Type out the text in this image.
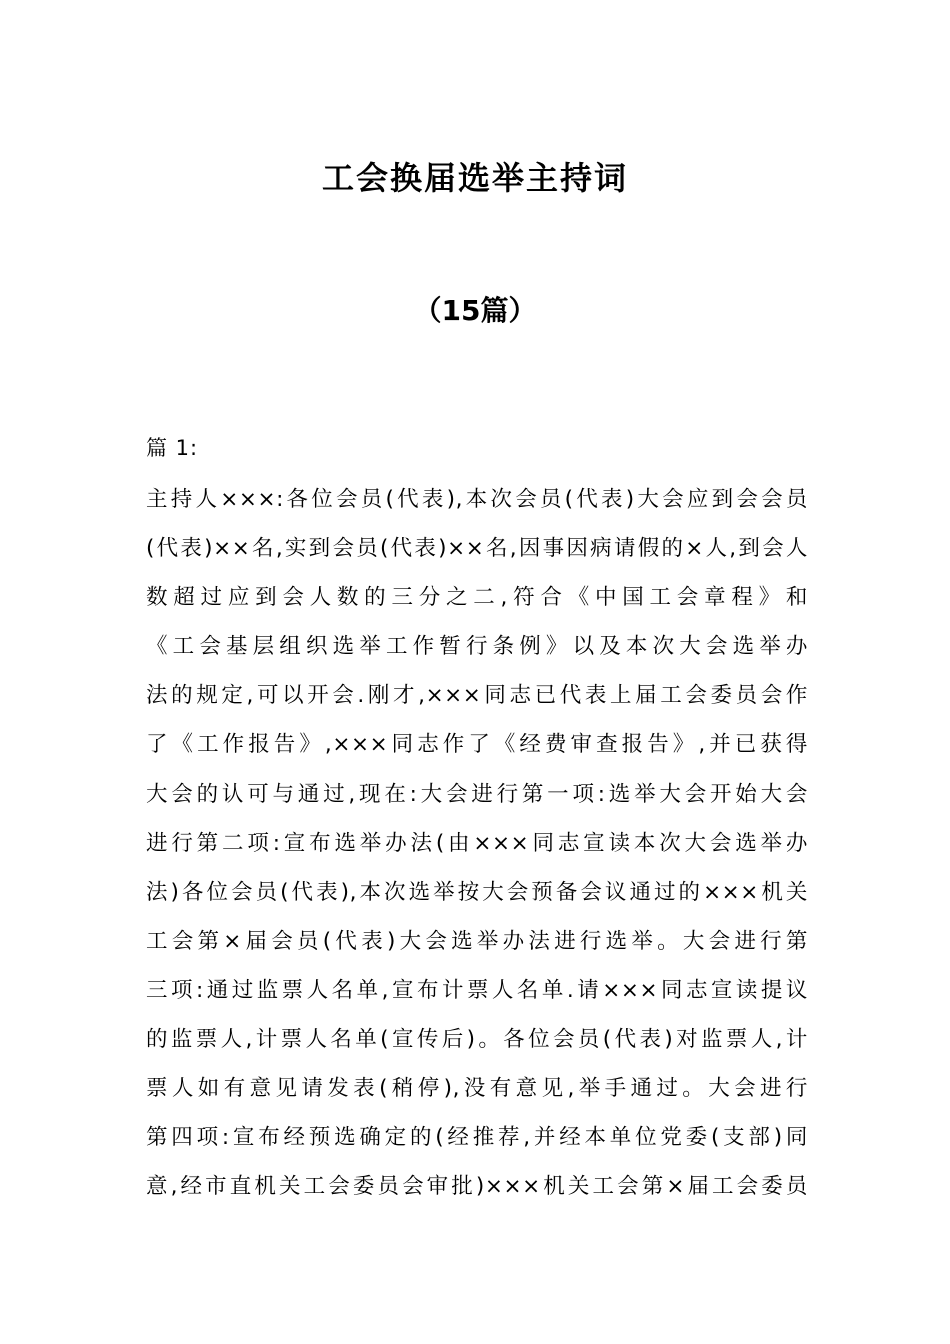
工会换届选举主持词
（15篇）

篇 1:

主持人×××:各位会员(代表),本次会员(代表)大会应到会会员
(代表)××名,实到会员(代表)××名,因事因病请假的×人,到会人
数超过应到会人数的三分之二,符合《中国工会章程》和
《工会基层组织选举工作暂行条例》以及本次大会选举办
法的规定,可以开会.刚才,×××同志已代表上届工会委员会作
了《工作报告》,×××同志作了《经费审查报告》,并已获得
大会的认可与通过,现在:大会进行第一项:选举大会开始大会
进行第二项:宣布选举办法(由×××同志宣读本次大会选举办
法)各位会员(代表),本次选举按大会预备会议通过的×××机关
工会第×届会员(代表)大会选举办法进行选举。大会进行第
三项:通过监票人名单,宣布计票人名单.请×××同志宣读提议
的监票人,计票人名单(宣传后)。各位会员(代表)对监票人,计
票人如有意见请发表(稍停),没有意见,举手通过。大会进行
第四项:宣布经预选确定的(经推荐,并经本单位党委(支部)同
意,经市直机关工会委员会审批)×××机关工会第×届工会委员
